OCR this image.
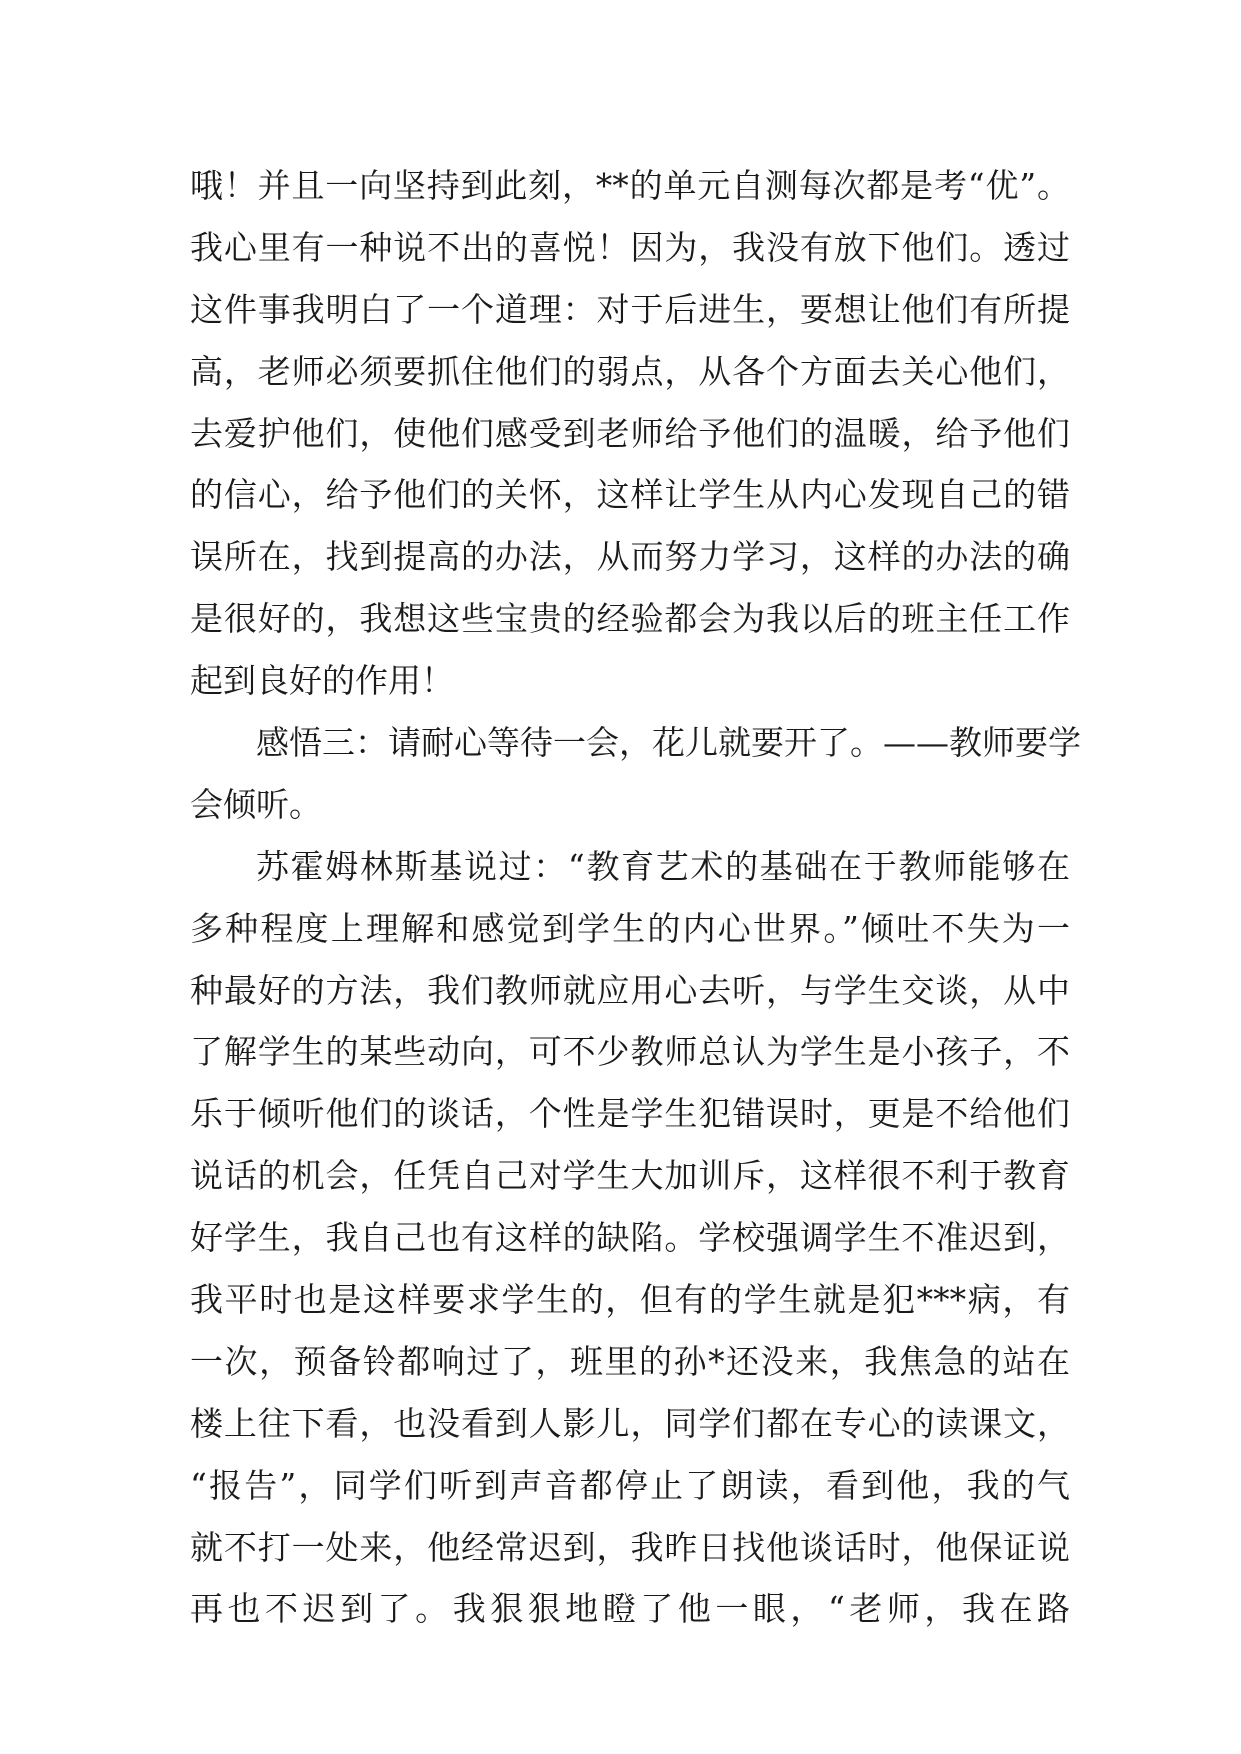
哦！并且一向坚持到此刻，**的单元自测每次都是考“优”。
我心里有一种说不出的喜悦！因为，我没有放下他们。透过
这件事我明白了一个道理：对于后进生，要想让他们有所提
高，老师必须要抓住他们的弱点，从各个方面去关心他们，
去爱护他们，使他们感受到老师给予他们的温暖，给予他们
的信心，给予他们的关怀，这样让学生从内心发现自己的错
误所在，找到提高的办法，从而努力学习，这样的办法的确
是很好的，我想这些宝贵的经验都会为我以后的班主任工作
起到良好的作用！
感悟三：请耐心等待一会，花儿就要开了。——教师要学
会倾听。
苏霍姆林斯基说过：“教育艺术的基础在于教师能够在
多种程度上理解和感觉到学生的内心世界。”倾吐不失为一
种最好的方法，我们教师就应用心去听，与学生交谈，从中
了解学生的某些动向，可不少教师总认为学生是小孩子，不
乐于倾听他们的谈话，个性是学生犯错误时，更是不给他们
说话的机会，任凭自己对学生大加训斥，这样很不利于教育
好学生，我自己也有这样的缺陷。学校强调学生不准迟到，
我平时也是这样要求学生的，但有的学生就是犯***病，有
一次，预备铃都响过了，班里的孙*还没来，我焦急的站在
楼上往下看，也没看到人影儿，同学们都在专心的读课文，
“报告”，同学们听到声音都停止了朗读，看到他，我的气
就不打一处来，他经常迟到，我昨日找他谈话时，他保证说
再也不迟到了。我狠狠地瞪了他一眼，“老师，我在路
